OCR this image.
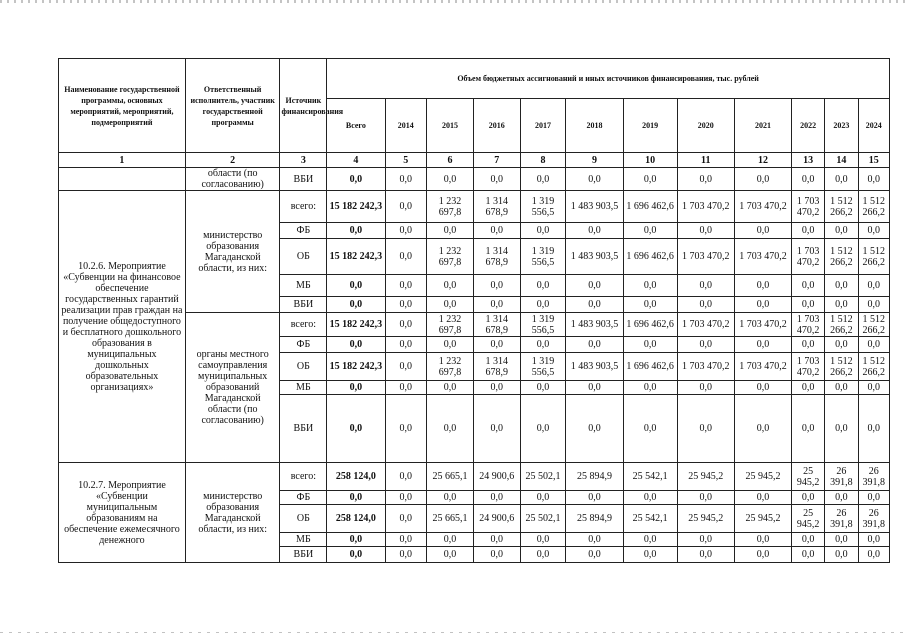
Наименование государственной программы, основных мероприятий, мероприятий, подмероприятий	Ответственный исполнитель, участник государственной программы	Источник финансирования	Объем бюджетных ассигнований и иных источников финансирования, тыс. рублей											
			Всего	2014	2015	2016	2017	2018	2019	2020	2021	2022	2023	2024
1	2	3	4	5	6	7	8	9	10	11	12	13	14	15
	области (по согласованию)	ВБИ	0,0	0,0	0,0	0,0	0,0	0,0	0,0	0,0	0,0	0,0	0,0	0,0
10.2.6. Мероприятие «Субвенции на финансовое обеспечение государственных гарантий реализации прав граждан на получение общедоступного и бесплатного дошкольного образования в муниципальных дошкольных образовательных организациях»	министерство образования Магаданской области, из них:	всего:	15 182 242,3	0,0	1 232 697,8	1 314 678,9	1 319 556,5	1 483 903,5	1 696 462,6	1 703 470,2	1 703 470,2	1 703 470,2	1 512 266,2	1 512 266,2
		ФБ	0,0	0,0	0,0	0,0	0,0	0,0	0,0	0,0	0,0	0,0	0,0	0,0
		ОБ	15 182 242,3	0,0	1 232 697,8	1 314 678,9	1 319 556,5	1 483 903,5	1 696 462,6	1 703 470,2	1 703 470,2	1 703 470,2	1 512 266,2	1 512 266,2
		МБ	0,0	0,0	0,0	0,0	0,0	0,0	0,0	0,0	0,0	0,0	0,0	0,0
		ВБИ	0,0	0,0	0,0	0,0	0,0	0,0	0,0	0,0	0,0	0,0	0,0	0,0
	органы местного самоуправления муниципальных образований Магаданской области (по согласованию)	всего:	15 182 242,3	0,0	1 232 697,8	1 314 678,9	1 319 556,5	1 483 903,5	1 696 462,6	1 703 470,2	1 703 470,2	1 703 470,2	1 512 266,2	1 512 266,2
		ФБ	0,0	0,0	0,0	0,0	0,0	0,0	0,0	0,0	0,0	0,0	0,0	0,0
		ОБ	15 182 242,3	0,0	1 232 697,8	1 314 678,9	1 319 556,5	1 483 903,5	1 696 462,6	1 703 470,2	1 703 470,2	1 703 470,2	1 512 266,2	1 512 266,2
		МБ	0,0	0,0	0,0	0,0	0,0	0,0	0,0	0,0	0,0	0,0	0,0	0,0
		ВБИ	0,0	0,0	0,0	0,0	0,0	0,0	0,0	0,0	0,0	0,0	0,0	0,0
10.2.7. Мероприятие «Субвенции муниципальным образованиям на обеспечение ежемесячного денежного	министерство образования Магаданской области, из них:	всего:	258 124,0	0,0	25 665,1	24 900,6	25 502,1	25 894,9	25 542,1	25 945,2	25 945,2	25 945,2	26 391,8	26 391,8
		ФБ	0,0	0,0	0,0	0,0	0,0	0,0	0,0	0,0	0,0	0,0	0,0	0,0
		ОБ	258 124,0	0,0	25 665,1	24 900,6	25 502,1	25 894,9	25 542,1	25 945,2	25 945,2	25 945,2	26 391,8	26 391,8
		МБ	0,0	0,0	0,0	0,0	0,0	0,0	0,0	0,0	0,0	0,0	0,0	0,0
		ВБИ	0,0	0,0	0,0	0,0	0,0	0,0	0,0	0,0	0,0	0,0	0,0	0,0
